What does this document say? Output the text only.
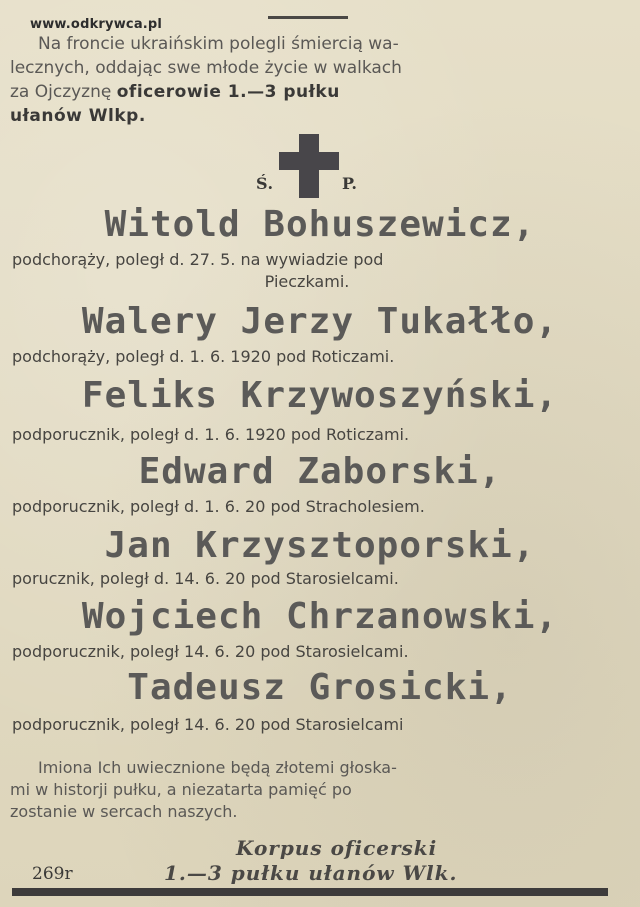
www.odkrywca.pl

Na froncie ukraińskim polegli śmiercią wa-

lecznych, oddając swe młode życie w walkach

za Ojczyznę oficerowie 1.—3 pułku

ułanów Wlkp.

Ś.	P.
Witold Bohuszewicz,
podchorąży, poległ d. 27. 5. na wywiadzie pod
Pieczkami.
Walery Jerzy Tukałło,
podchorąży, poległ d. 1. 6. 1920 pod Roticzami.
Feliks Krzywoszyński,
podporucznik, poległ d. 1. 6. 1920 pod Roticzami.
Edward Zaborski,
podporucznik, poległ d. 1. 6. 20 pod Stracholesiem.
Jan Krzysztoporski,
porucznik, poległ d. 14. 6. 20 pod Starosielcami.
Wojciech Chrzanowski,
podporucznik, poległ 14. 6. 20 pod Starosielcami.
Tadeusz Grosicki,
podporucznik, poległ 14. 6. 20 pod Starosielcami

Imiona Ich uwiecznione będą złotemi głoska-

mi w historji pułku, a niezatarta pamięć po

zostanie w sercach naszych.

Korpus oficerski
269r	1.—3 pułku ułanów Wlk.
